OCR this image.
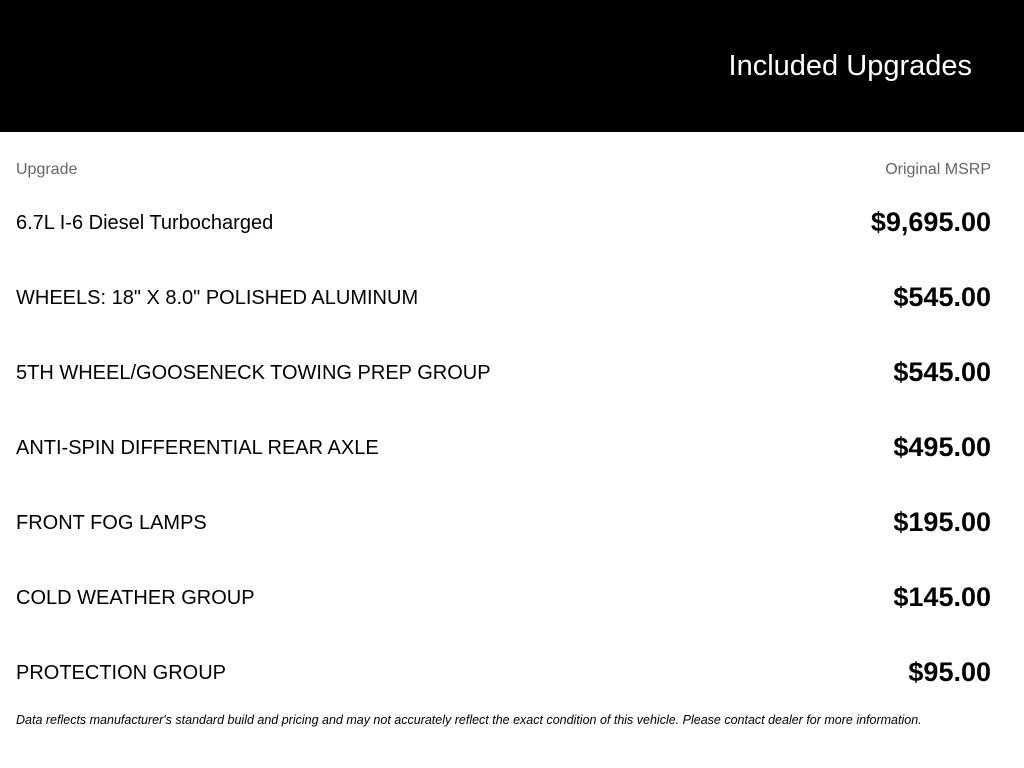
Included Upgrades
Upgrade	Original MSRP
6.7L I-6 Diesel Turbocharged	$9,695.00
WHEELS: 18" X 8.0" POLISHED ALUMINUM	$545.00
5TH WHEEL/GOOSENECK TOWING PREP GROUP	$545.00
ANTI-SPIN DIFFERENTIAL REAR AXLE	$495.00
FRONT FOG LAMPS	$195.00
COLD WEATHER GROUP	$145.00
PROTECTION GROUP	$95.00

Data reflects manufacturer's standard build and pricing and may not accurately reflect the exact condition of this vehicle. Please contact dealer for more information.
